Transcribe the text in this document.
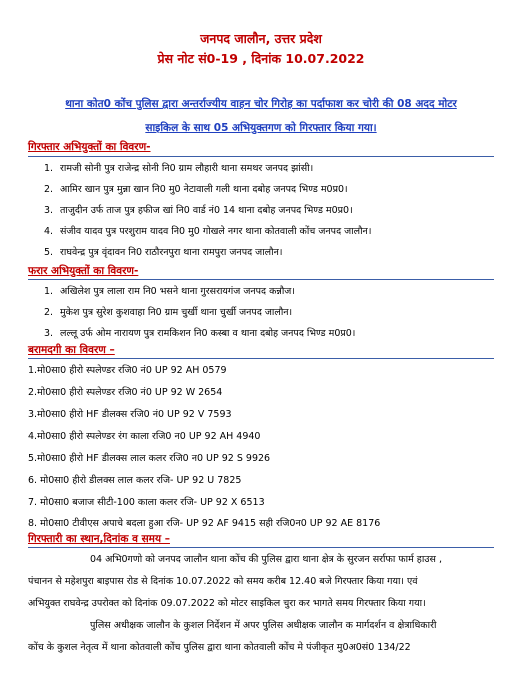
जनपद जालौन, उत्तर प्रदेश
प्रेस नोट सं0-19 , दिनांक 10.07.2022
थाना कोत0 कोंच पुलिस द्वारा अन्तर्राज्यीय वाहन चोर गिरोह का पर्दाफाश कर चोरी की 08 अदद मोटर
साइकिल के साथ 05 अभियुक्तगण को गिरफ्तार किया गया।
गिरफ्तार अभियुक्तों का विवरण-
1. रामजी सोनी पुत्र राजेन्द्र सोनी नि0 ग्राम लौहारी थाना समथर जनपद झांसी।
2. आमिर खान पुत्र मुन्ना खान नि0 मु0 नेटावाली गली थाना दबोह जनपद भिण्ड म0प्र0।
3. ताजुदीन उर्फ ताज पुत्र हफीज खां नि0 वार्ड नं0 14 थाना दबोह जनपद भिण्ड म0प्र0।
4. संजीव यादव पुत्र परशुराम यादव नि0 मु0 गोखले नगर थाना कोतवाली कोंच जनपद जालौन।
5. राघवेन्द्र पुत्र वृंदावन नि0 राठौरनपुरा थाना रामपुरा जनपद जालौन।
फरार अभियुक्तों का विवरण-
1. अखिलेश पुत्र लाला राम नि0 भसने थाना गुरसरायगंज जनपद कन्नौज।
2. मुकेश पुत्र सुरेश कुशवाहा नि0 ग्राम चुर्खी थाना चुर्खी जनपद जालौन।
3. लल्लू उर्फ ओम नारायण पुत्र रामकिशन नि0 कस्बा व थाना दबोह जनपद भिण्ड म0प्र0।
बरामदगी का विवरण –
1.मो0सा0 हीरो स्पलेण्डर रजि0 नं0 UP 92 AH 0579
2.मो0सा0 हीरो स्पलेण्डर रजि0 नं0 UP 92 W 2654
3.मो0सा0 हीरो HF डीलक्स रजि0 नं0 UP 92 V 7593
4.मो0सा0 हीरो स्पलेण्डर रंग काला रजि0 न0 UP 92 AH 4940
5.मो0सा0 हीरो HF डीलक्स लाल कलर रजि0 न0 UP 92 S 9926
6. मो0सा0 हीरो डीलक्स लाल कलर रजि- UP 92 U 7825
7. मो0सा0 बजाज सीटी-100 काला कलर रजि- UP 92 X 6513
8. मो0सा0 टीवीएस अपाचे बदला हुआ रजि- UP 92 AF 9415 सही रजि0न0 UP 92 AE 8176
गिरफ्तारी का स्थान,दिनांक व समय –
04 अभि0गणो को जनपद जालौन थाना कोंच की पुलिस द्वारा थाना क्षेत्र के सुरजन सर्राफा फार्म हाउस ,
पंचानन से महेशपुरा बाइपास रोड से दिनांक 10.07.2022 को समय करीब 12.40 बजे गिरफ्तार किया गया। एवं
अभियुक्त राघवेन्द्र उपरोक्त को दिनांक 09.07.2022 को मोटर साइकिल चुरा कर भागते समय गिरफ्तार किया गया।
पुलिस अधीक्षक जालौन के कुशल निर्देशन में अपर पुलिस अधीक्षक जालौन क मार्गदर्शन व क्षेत्राधिकारी
कोंच के कुशल नेतृत्व में थाना कोतवाली कोंच पुलिस द्वारा थाना कोतवाली कोंच मे पंजीकृत मु0अ0सं0 134/22
